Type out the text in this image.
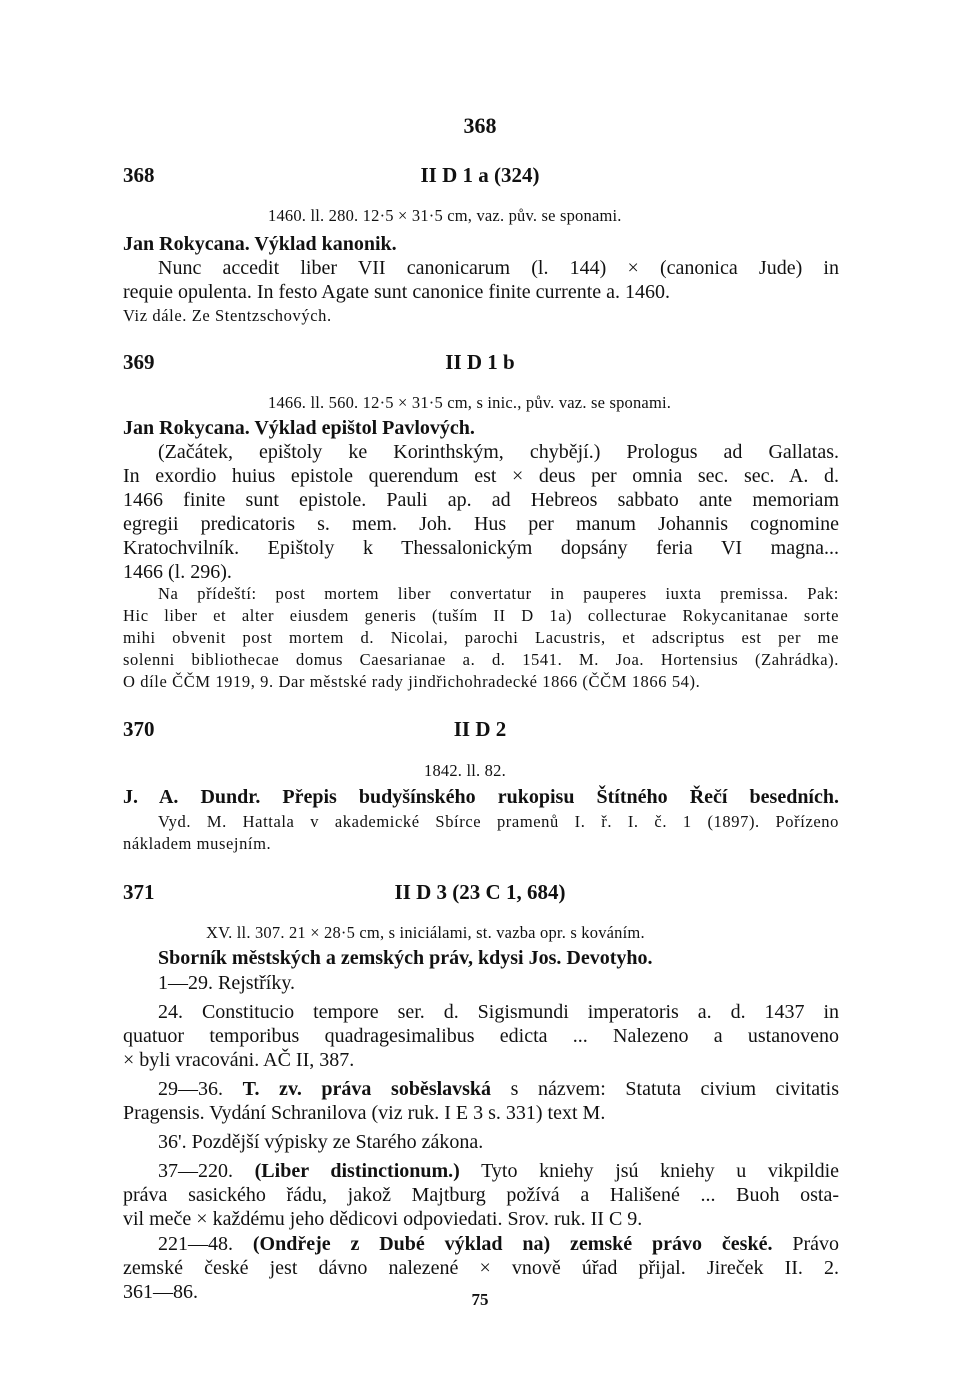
368
368	II D 1 a (324)
1460. ll. 280. 12·5 × 31·5 cm, vaz. pův. se sponami.
Jan Rokycana. Výklad kanonik.
Nunc accedit liber VII canonicarum (l. 144) × (canonica Jude) in
requie opulenta. In festo Agate sunt canonice finite currente a. 1460.
Viz dále. Ze Stentzschových.
369	II D 1 b
1466. ll. 560. 12·5 × 31·5 cm, s inic., pův. vaz. se sponami.
Jan Rokycana. Výklad epištol Pavlových.
(Začátek, epištoly ke Korinthským, chybějí.) Prologus ad Gallatas.
In exordio huius epistole querendum est × deus per omnia sec. sec. A. d.
1466 finite sunt epistole. Pauli ap. ad Hebreos sabbato ante memoriam
egregii predicatoris s. mem. Joh. Hus per manum Johannis cognomine
Kratochvilník. Epištoly k Thessalonickým dopsány feria VI magna...
1466 (l. 296).
Na přídeští: post mortem liber convertatur in pauperes iuxta premissa. Pak:
Hic liber et alter eiusdem generis (tuším II D 1a) collecturae Rokycanitanae sorte
mihi obvenit post mortem d. Nicolai, parochi Lacustris, et adscriptus est per me
solenni bibliothecae domus Caesarianae a. d. 1541. M. Joa. Hortensius (Zahrádka).
O díle ČČM 1919, 9. Dar městské rady jindřichohradecké 1866 (ČČM 1866 54).
370	II D 2
1842. ll. 82.
J. A. Dundr. Přepis budyšínského rukopisu Štítného Řečí besedních.
Vyd. M. Hattala v akademické Sbírce pramenů I. ř. I. č. 1 (1897). Pořízeno
nákladem musejním.
371	II D 3 (23 C 1, 684)
XV. ll. 307. 21 × 28·5 cm, s iniciálami, st. vazba opr. s kováním.
Sborník městských a zemských práv, kdysi Jos. Devotyho.
1—29. Rejstříky.
24. Constitucio tempore ser. d. Sigismundi imperatoris a. d. 1437 in
quatuor temporibus quadragesimalibus edicta ... Nalezeno a ustanoveno
× byli vracováni. AČ II, 387.
29—36. T. zv. práva soběslavská s názvem: Statuta civium civitatis
Pragensis. Vydání Schranilova (viz ruk. I E 3 s. 331) text M.
36'. Pozdější výpisky ze Starého zákona.
37—220. (Liber distinctionum.) Tyto kniehy jsú kniehy u vikpildie
práva sasického řádu, jakož Majtburg požívá a Hališené ... Buoh osta-
vil meče × každému jeho dědicovi odpoviedati. Srov. ruk. II C 9.
221—48. (Ondřeje z Dubé výklad na) zemské právo české. Právo
zemské české jest dávno nalezené × vnově úřad přijal. Jireček II. 2.
361—86.	75
